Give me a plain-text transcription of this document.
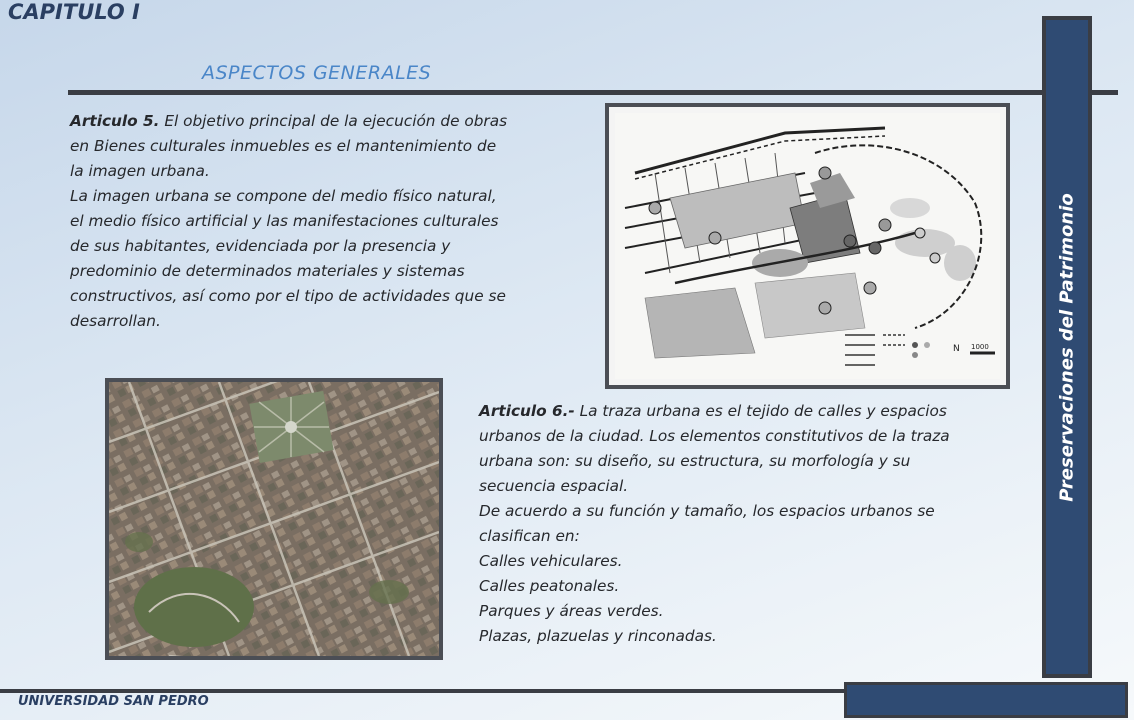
CAPITULO I
ASPECTOS GENERALES
Preservaciones del Patrimonio
Articulo 5. El objetivo principal de la ejecución de obras
en Bienes culturales inmuebles es el mantenimiento de
la imagen urbana.
La imagen urbana se compone del medio físico natural,
el medio físico artificial y las manifestaciones culturales
de sus habitantes, evidenciada por la presencia y
predominio de determinados materiales y sistemas
constructivos, así como por el tipo de actividades que se
desarrollan.
1000
N
Articulo 6.- La traza urbana es el tejido de calles y espacios
urbanos de la ciudad. Los elementos constitutivos de la traza
urbana son: su diseño, su estructura, su morfología y su
secuencia espacial.
De acuerdo a su función y tamaño, los espacios urbanos se
clasifican en:
Calles vehiculares.
Calles peatonales.
Parques y áreas verdes.
Plazas, plazuelas y rinconadas.
UNIVERSIDAD SAN PEDRO
